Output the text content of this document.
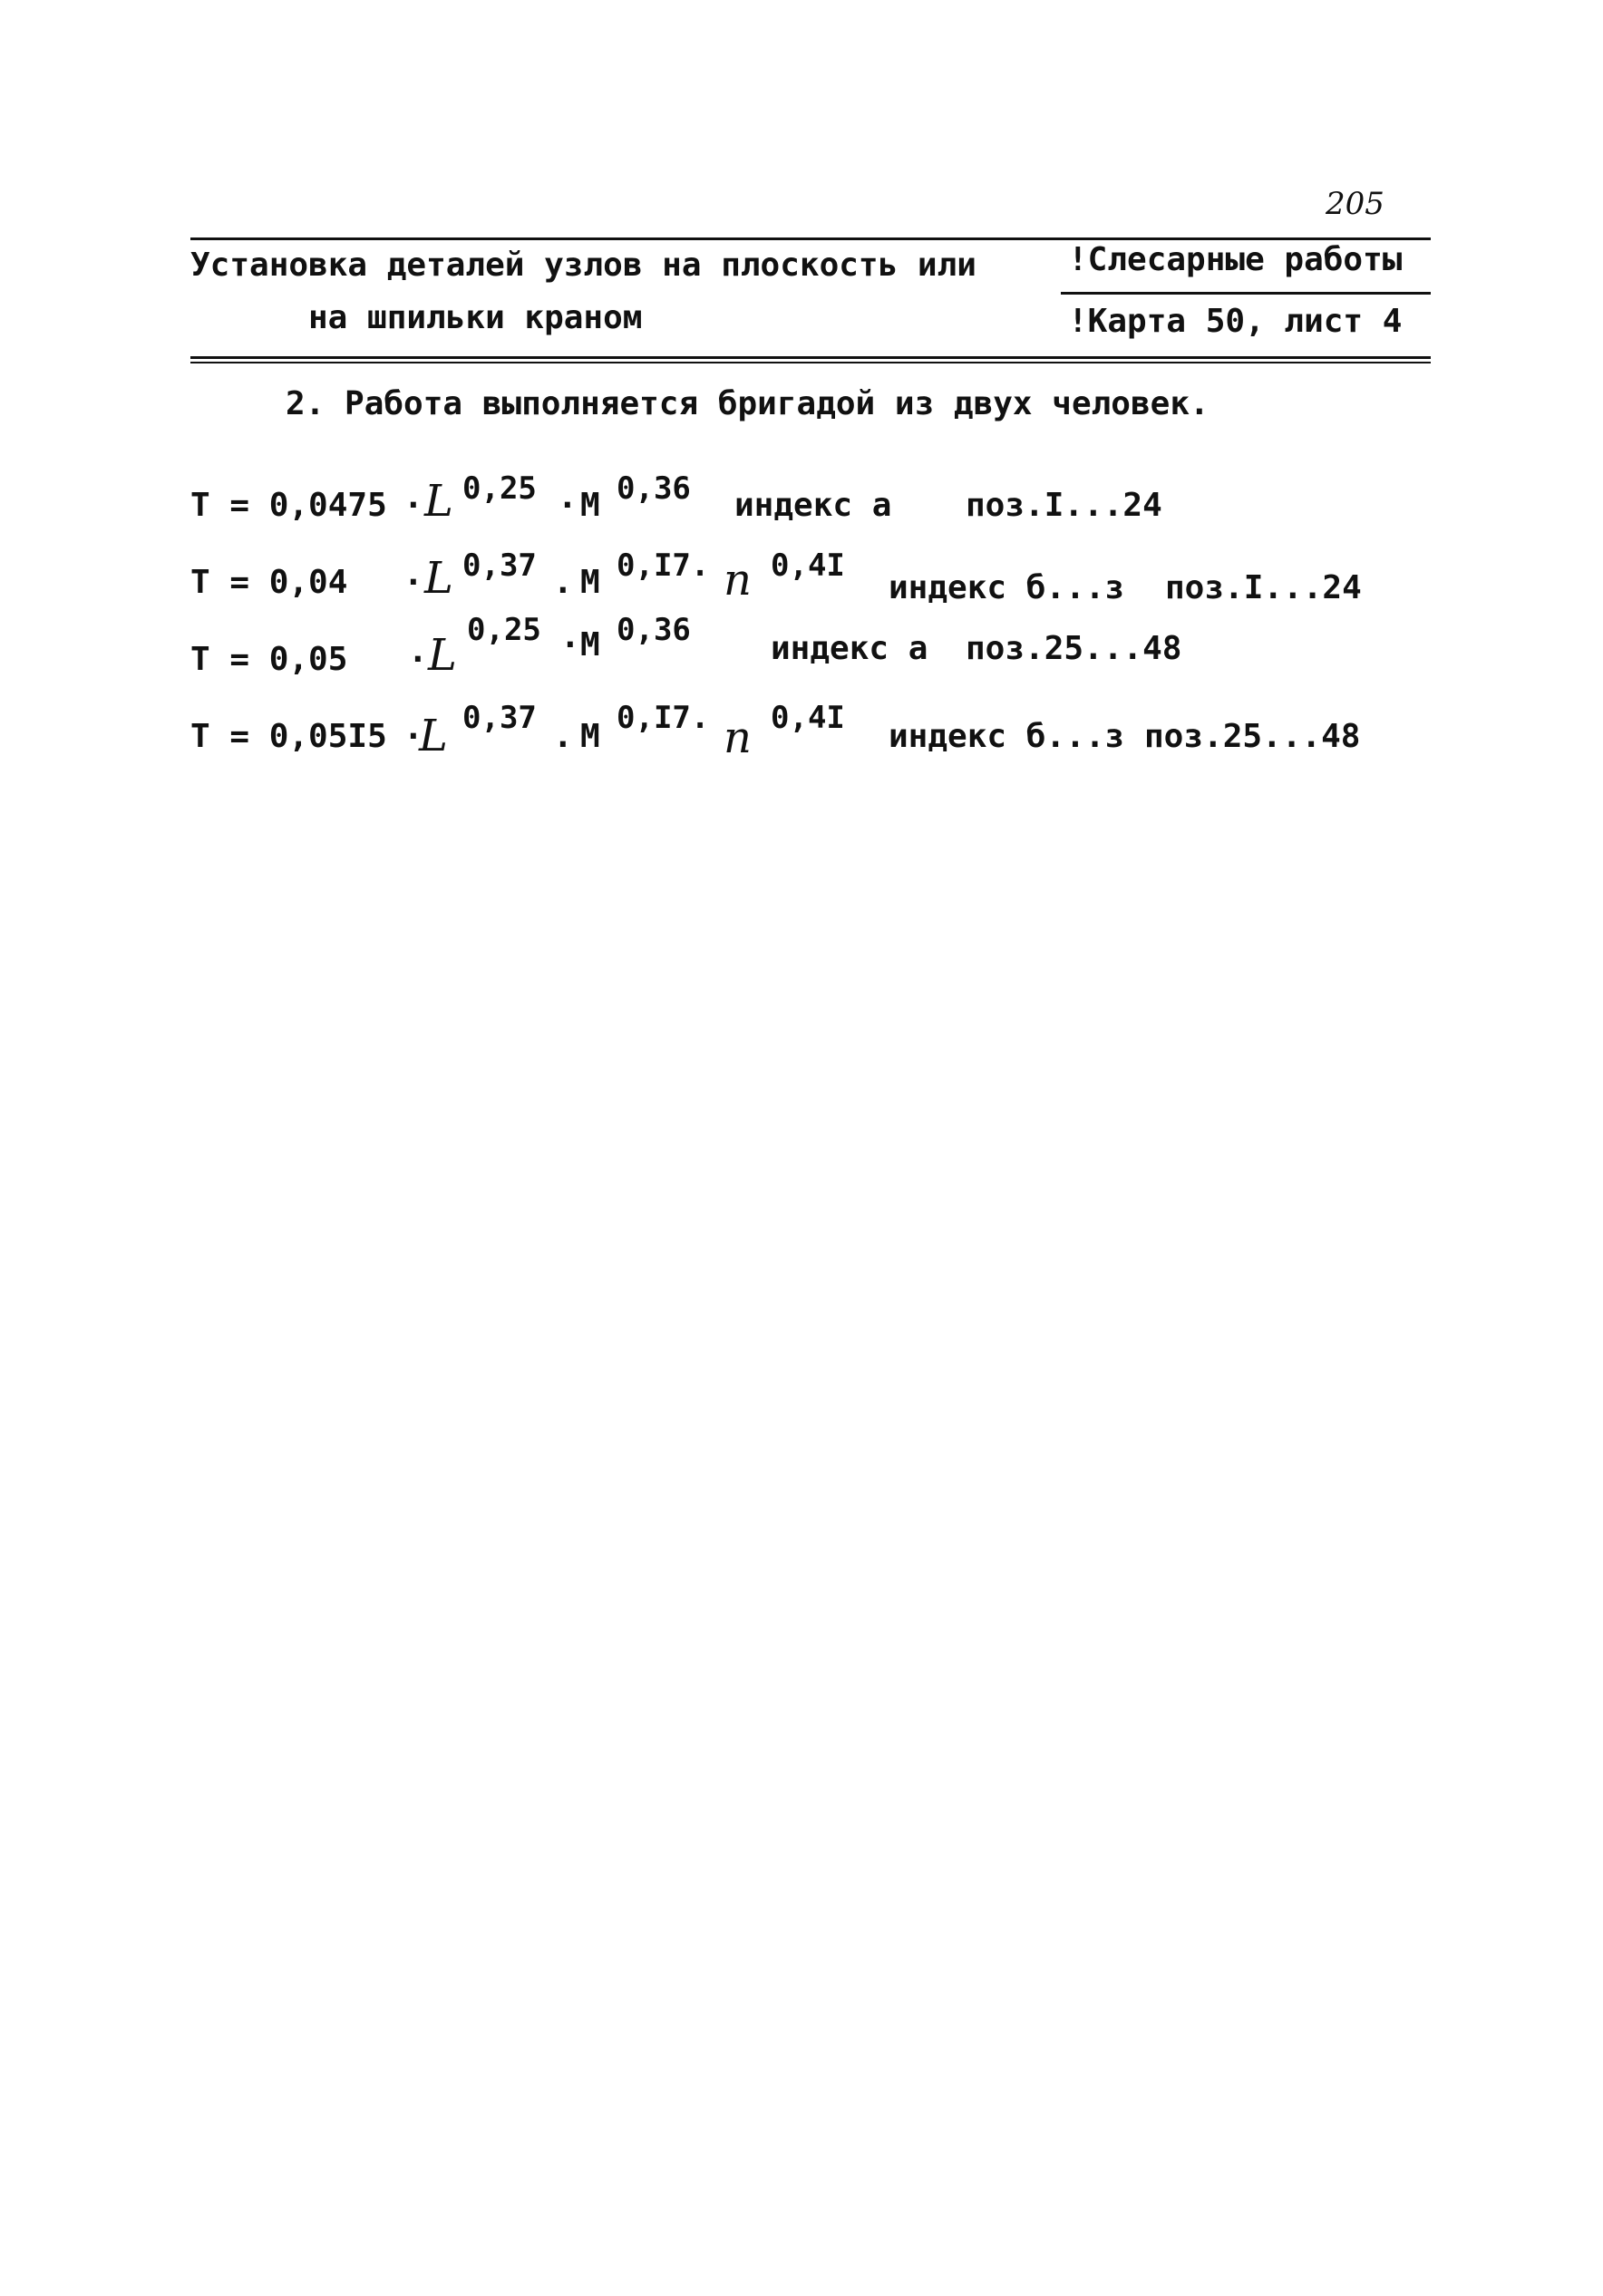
205
Установка деталей узлов на плоскость или
на шпильки краном
!Слесарные работы
!Карта 50, лист 4
2. Работа выполняется бригадой из двух человек.
Т = 0,0475 · L 0,25 · М 0,36 индекс а поз.I...24
Т = 0,04 · L 0,37 . М 0,I7. n 0,4I
индекс б...з поз.I...24
Т = 0,05 · L 0,25 · М 0,36 индекс а поз.25...48
Т = 0,05I5 ·
L 0,37 . М 0,I7. n 0,4I индекс б...з поз.25...48
